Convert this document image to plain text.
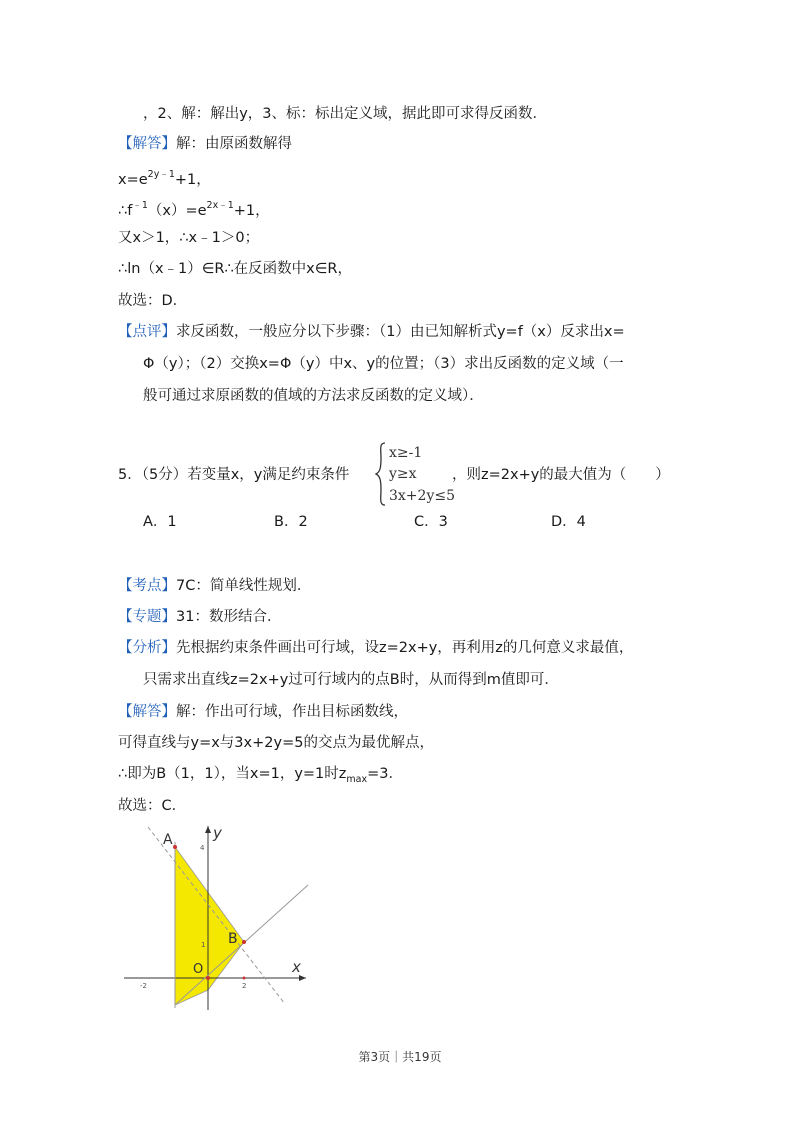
，2、解：解出y，3、标：标出定义域，据此即可求得反函数．
【解答】解：由原函数解得
$x=e^{2y﹣1}+1$，
$\therefore f^{﹣1}(x)=e^{2x﹣1}+1$，
又x＞1，∴x﹣1＞0；
∴ln（x﹣1）∈R∴在反函数中x∈R，
故选：D．
【点评】求反函数，一般应分以下步骤：（1）由已知解析式y=f（x）反求出x=
Φ（y）；（2）交换x=Φ（y）中x、y的位置；（3）求出反函数的定义域（一
般可通过求原函数的值域的方法求反函数的定义域）．
5．（5分）若变量x，y满足约束条件
x≥-1
y≥x
3x+2y≤5
，则z=2x+y的最大值为（　　）
A．1	B．2	C．3	D．4
【考点】7C：简单线性规划．
【专题】31：数形结合．
【分析】先根据约束条件画出可行域，设z=2x+y，再利用z的几何意义求最值，
只需求出直线z=2x+y过可行域内的点B时，从而得到m值即可．
【解答】解：作出可行域，作出目标函数线，
可得直线与y=x与3x+2y=5的交点为最优解点，
∴即为B（1，1），当x=1，y=1时$z_{max}=3$．
故选：C．
A
B
O	x
y
-2
1
2
4
第3页｜共19页
